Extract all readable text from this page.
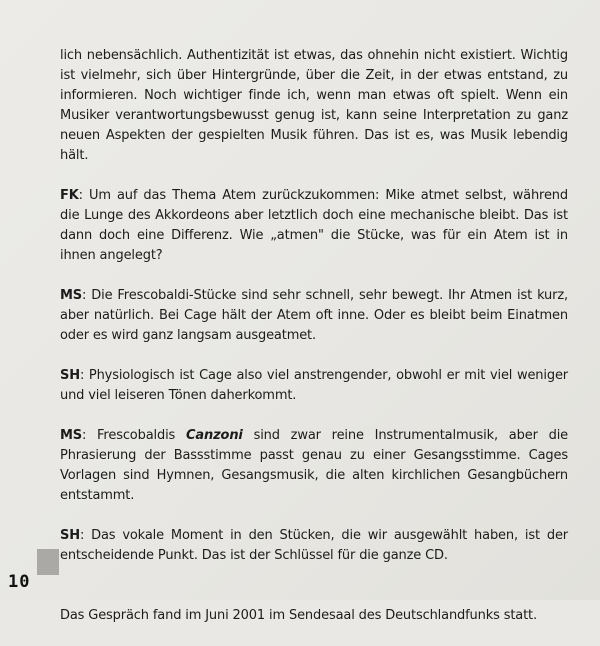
lich nebensächlich. Authentizität ist etwas, das ohnehin nicht existiert. Wichtig ist vielmehr, sich über Hintergründe, über die Zeit, in der etwas entstand, zu informieren. Noch wichtiger finde ich, wenn man etwas oft spielt. Wenn ein Musiker verantwortungsbewusst genug ist, kann seine Interpretation zu ganz neuen Aspekten der gespielten Musik führen. Das ist es, was Musik lebendig hält.

FK: Um auf das Thema Atem zurückzukommen: Mike atmet selbst, während die Lunge des Akkordeons aber letztlich doch eine mechanische bleibt. Das ist dann doch eine Differenz. Wie „atmen" die Stücke, was für ein Atem ist in ihnen angelegt?

MS: Die Frescobaldi-Stücke sind sehr schnell, sehr bewegt. Ihr Atmen ist kurz, aber natürlich. Bei Cage hält der Atem oft inne. Oder es bleibt beim Einatmen oder es wird ganz langsam ausgeatmet.

SH: Physiologisch ist Cage also viel anstrengender, obwohl er mit viel weniger und viel leiseren Tönen daherkommt.

MS: Frescobaldis Canzoni sind zwar reine Instrumentalmusik, aber die Phrasierung der Bassstimme passt genau zu einer Gesangsstimme. Cages Vorlagen sind Hymnen, Gesangsmusik, die alten kirchlichen Gesangbüchern entstammt.

SH: Das vokale Moment in den Stücken, die wir ausgewählt haben, ist der entscheidende Punkt. Das ist der Schlüssel für die ganze CD.

Das Gespräch fand im Juni 2001 im Sendesaal des Deutschlandfunks statt.

10
